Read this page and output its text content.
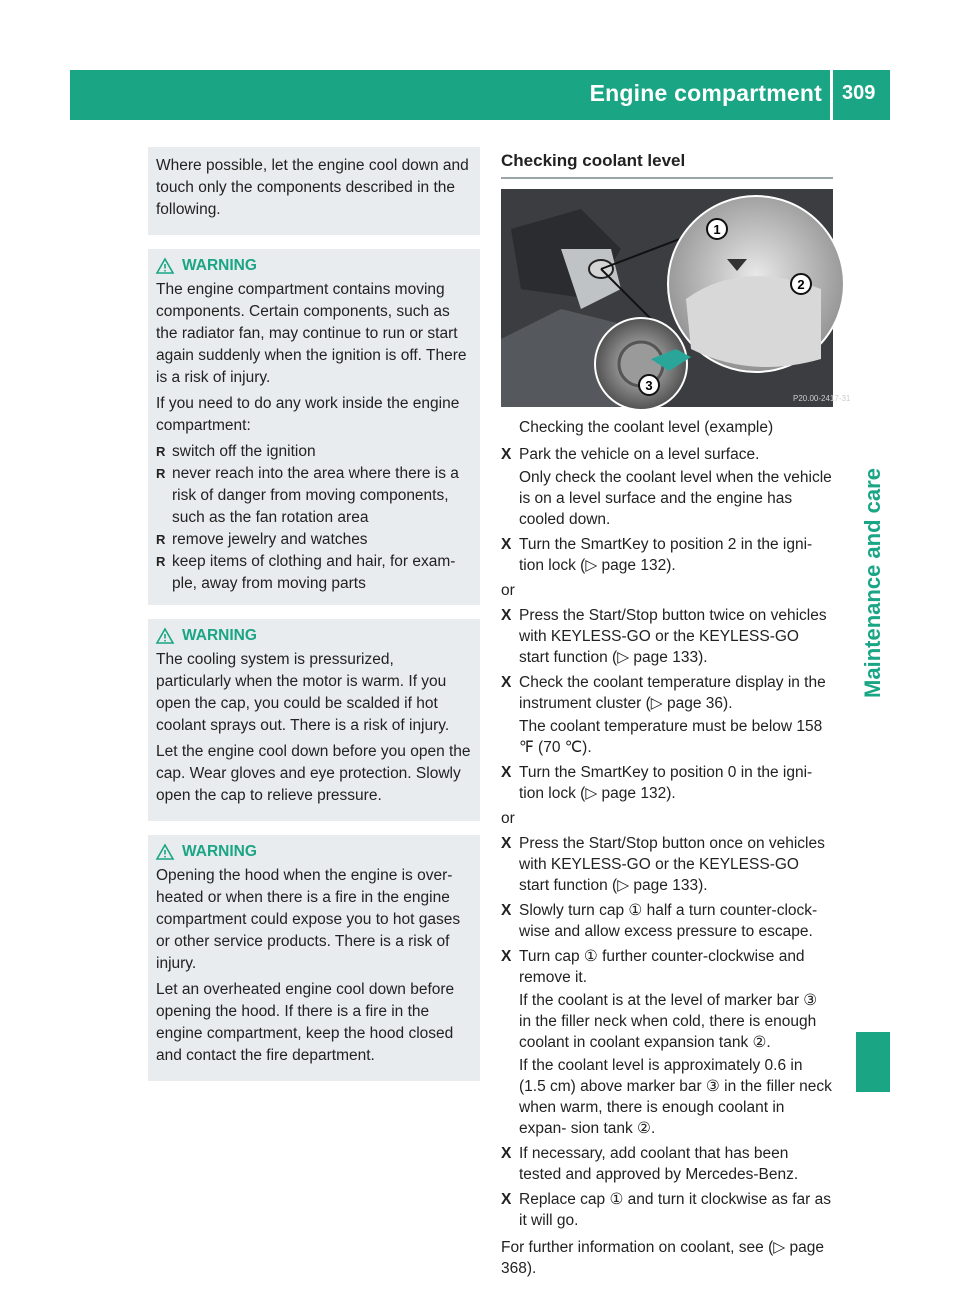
Engine compartment 309
Maintenance and care

Where possible, let the engine cool down and touch only the components described in the following.

WARNING

The engine compartment contains moving components. Certain components, such as the radiator fan, may continue to run or start again suddenly when the ignition is off. There is a risk of injury.

If you need to do any work inside the engine compartment:

R switch off the ignition
R never reach into the area where there is a risk of danger from moving components, such as the fan rotation area
R remove jewelry and watches
R keep items of clothing and hair, for exam- ple, away from moving parts
WARNING

The cooling system is pressurized, particularly when the motor is warm. If you open the cap, you could be scalded if hot coolant sprays out. There is a risk of injury.

Let the engine cool down before you open the cap. Wear gloves and eye protection. Slowly open the cap to relieve pressure.

WARNING

Opening the hood when the engine is over- heated or when there is a fire in the engine compartment could expose you to hot gases or other service products. There is a risk of injury.

Let an overheated engine cool down before opening the hood. If there is a fire in the engine compartment, keep the hood closed and contact the fire department.

Checking coolant level
P20.00-2417-31
1
2
3
Checking the coolant level (example)
X Park the vehicle on a level surface.
Only check the coolant level when the vehicle is on a level surface and the engine has cooled down.
X Turn the SmartKey to position 2 in the igni- tion lock (▷ page 132).
or
X Press the Start/Stop button twice on vehicles with KEYLESS-GO or the KEYLESS-GO start function (▷ page 133).
X Check the coolant temperature display in the instrument cluster (▷ page 36).
The coolant temperature must be below 158 ℉ (70 ℃).
X Turn the SmartKey to position 0 in the igni- tion lock (▷ page 132).
or
X Press the Start/Stop button once on vehicles with KEYLESS-GO or the KEYLESS-GO start function (▷ page 133).
X Slowly turn cap ① half a turn counter-clock- wise and allow excess pressure to escape.
X Turn cap ① further counter-clockwise and remove it.
If the coolant is at the level of marker bar ③ in the filler neck when cold, there is enough coolant in coolant expansion tank ②.
If the coolant level is approximately 0.6 in (1.5 cm) above marker bar ③ in the filler neck when warm, there is enough coolant in expan- sion tank ②.
X If necessary, add coolant that has been tested and approved by Mercedes-Benz.
X Replace cap ① and turn it clockwise as far as it will go.
For further information on coolant, see (▷ page 368).
